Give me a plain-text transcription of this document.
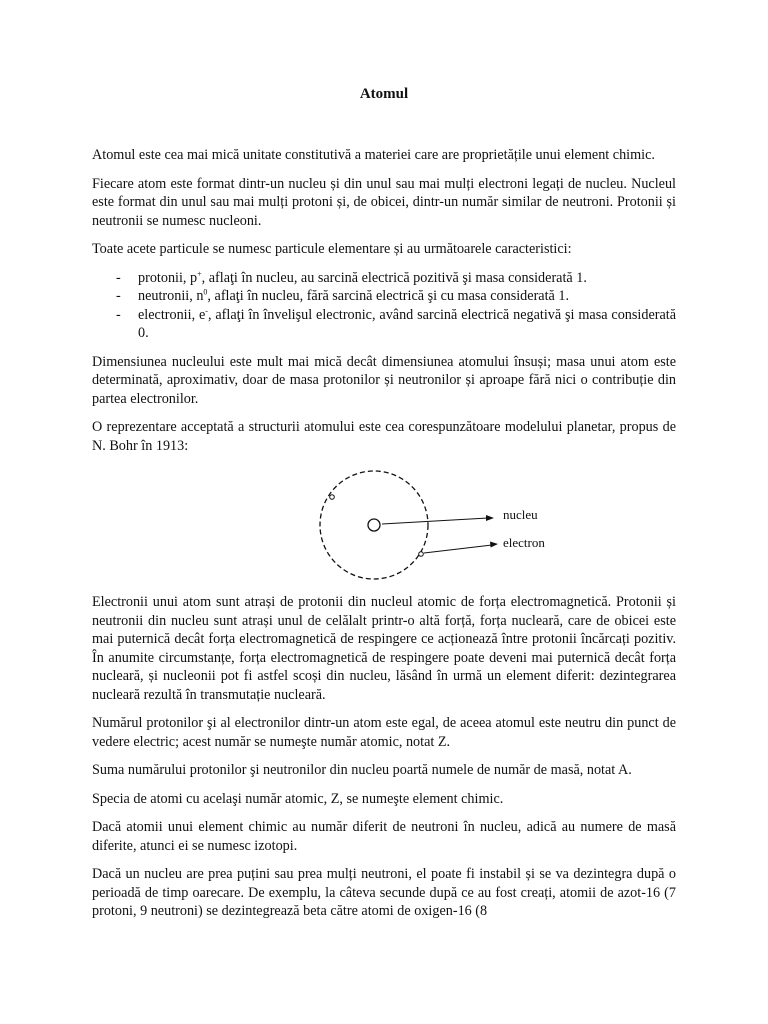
Atomul

Atomul este cea mai mică unitate constitutivă a materiei care are proprietățile unui element chimic.

Fiecare atom este format dintr-un nucleu și din unul sau mai mulți electroni legați de nucleu. Nucleul este format din unul sau mai mulți protoni și, de obicei, dintr-un număr similar de neutroni. Protonii și neutronii se numesc nucleoni.

Toate acete particule se numesc particule elementare și au următoarele caracteristici:

- protonii, p+, aflaţi în nucleu, au sarcină electrică pozitivă şi masa considerată 1.
- neutronii, $n^0$, aflaţi în nucleu, fără sarcină electrică şi cu masa considerată 1.
- electronii, e-, aflaţi în învelişul electronic, având sarcină electrică negativă şi masa considerată 0.

Dimensiunea nucleului este mult mai mică decât dimensiunea atomului însuși; masa unui atom este determinată, aproximativ, doar de masa protonilor și neutronilor și aproape fără nici o contribuție din partea electronilor.

O reprezentare acceptată a structurii atomului este cea corespunzătoare modelului planetar, propus de N. Bohr în 1913:

nucleu
electron

Electronii unui atom sunt atrași de protonii din nucleul atomic de forța electromagnetică. Protonii și neutronii din nucleu sunt atrași unul de celălalt printr-o altă forță, forța nucleară, care de obicei este mai puternică decât forța electromagnetică de respingere ce acționează între protonii încărcați pozitiv. În anumite circumstanțe, forța electromagnetică de respingere poate deveni mai puternică decât forța nucleară, și nucleonii pot fi astfel scoși din nucleu, lăsând în urmă un element diferit: dezintegrarea nucleară rezultă în transmutație nucleară.

Numărul protonilor şi al electronilor dintr-un atom este egal, de aceea atomul este neutru din punct de vedere electric; acest număr se numeşte număr atomic, notat Z.

Suma numărului protonilor şi neutronilor din nucleu poartă numele de număr de masă, notat A.

Specia de atomi cu acelaşi număr atomic, Z, se numeşte element chimic.

Dacă atomii unui element chimic au număr diferit de neutroni în nucleu, adică au numere de masă diferite, atunci ei se numesc izotopi.

Dacă un nucleu are prea puțini sau prea mulți neutroni, el poate fi instabil și se va dezintegra după o perioadă de timp oarecare. De exemplu, la câteva secunde după ce au fost creați, atomii de azot-16 (7 protoni, 9 neutroni) se dezintegrează beta către atomi de oxigen-16 (8
